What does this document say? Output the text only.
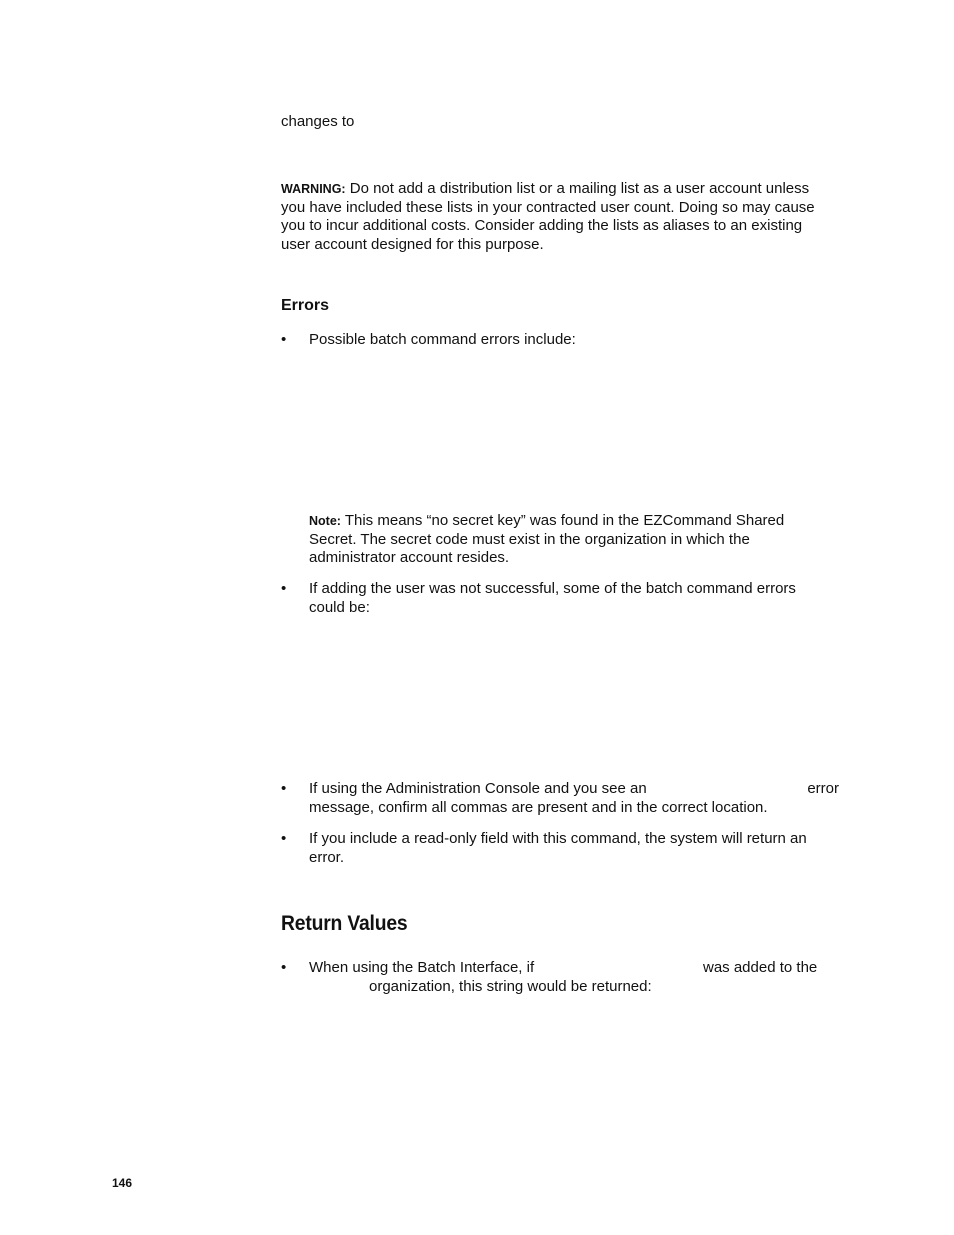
changes to
WARNING: Do not add a distribution list or a mailing list as a user account unless
you have included these lists in your contracted user count. Doing so may cause
you to incur additional costs. Consider adding the lists as aliases to an existing
user account designed for this purpose.
Errors
• Possible batch command errors include:
Note: This means “no secret key” was found in the EZCommand Shared
Secret. The secret code must exist in the organization in which the
administrator account resides.
• If adding the user was not successful, some of the batch command errors
could be:
• If using the Administration Console and you see an	error
message, confirm all commas are present and in the correct location.
• If you include a read-only field with this command, the system will return an
error.
Return Values
• When using the Batch Interface, if	was added to the
organization, this string would be returned:
146
